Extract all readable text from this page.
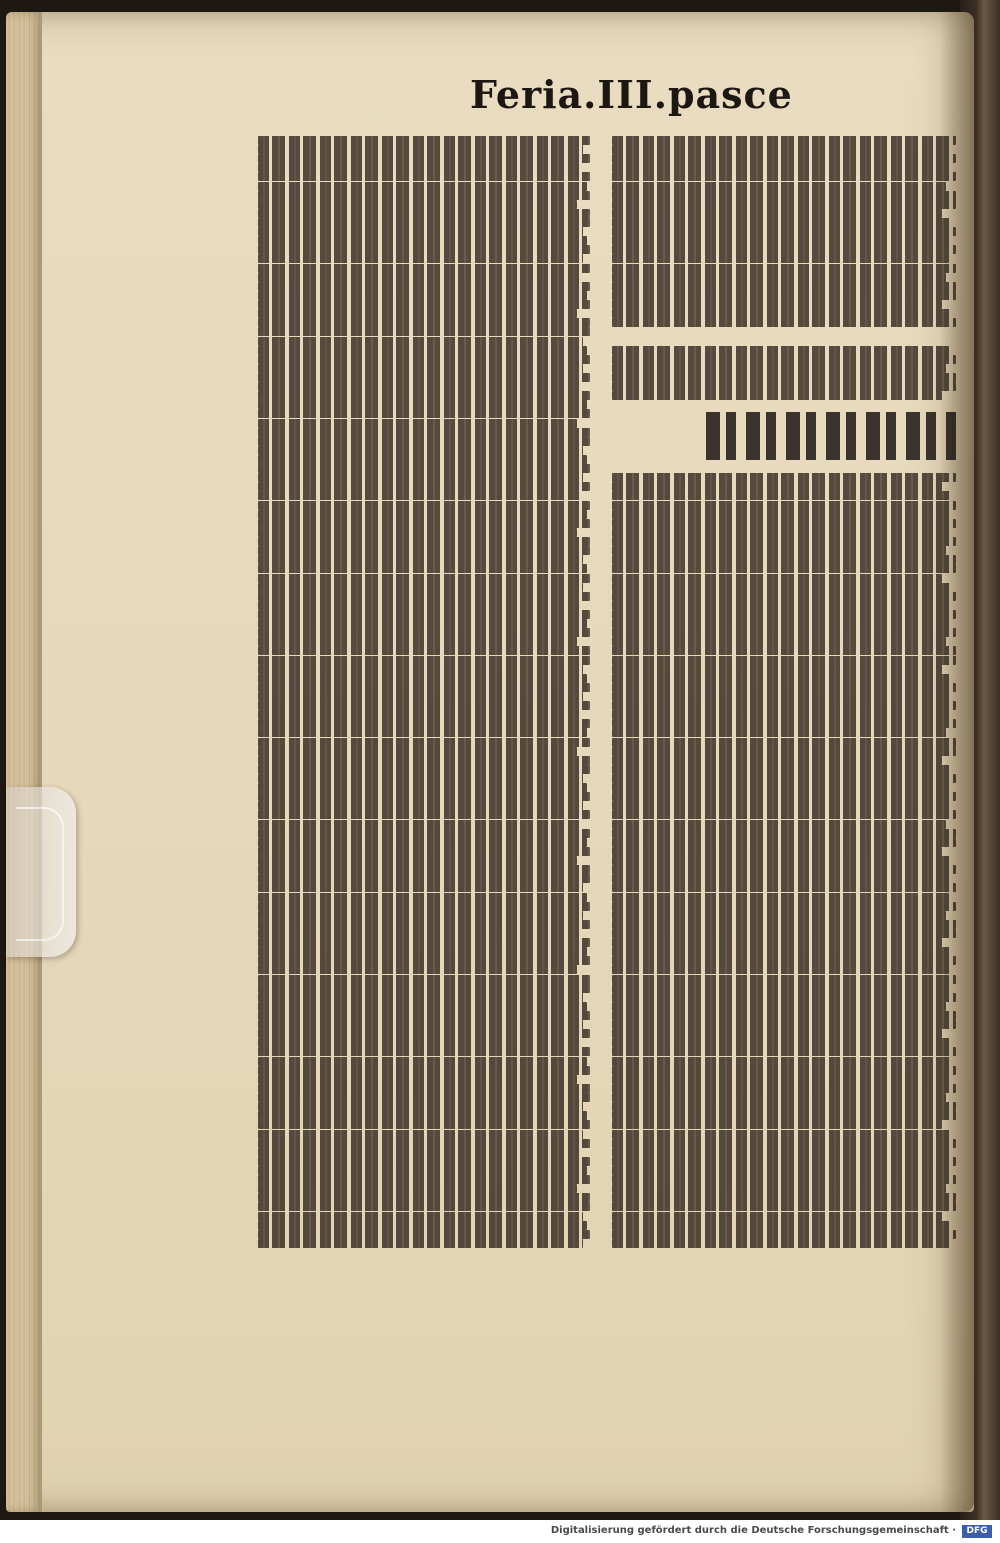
Feria.III.pasce
Digitalisierung gefördert durch die Deutsche Forschungsgemeinschaft ·	DFG
